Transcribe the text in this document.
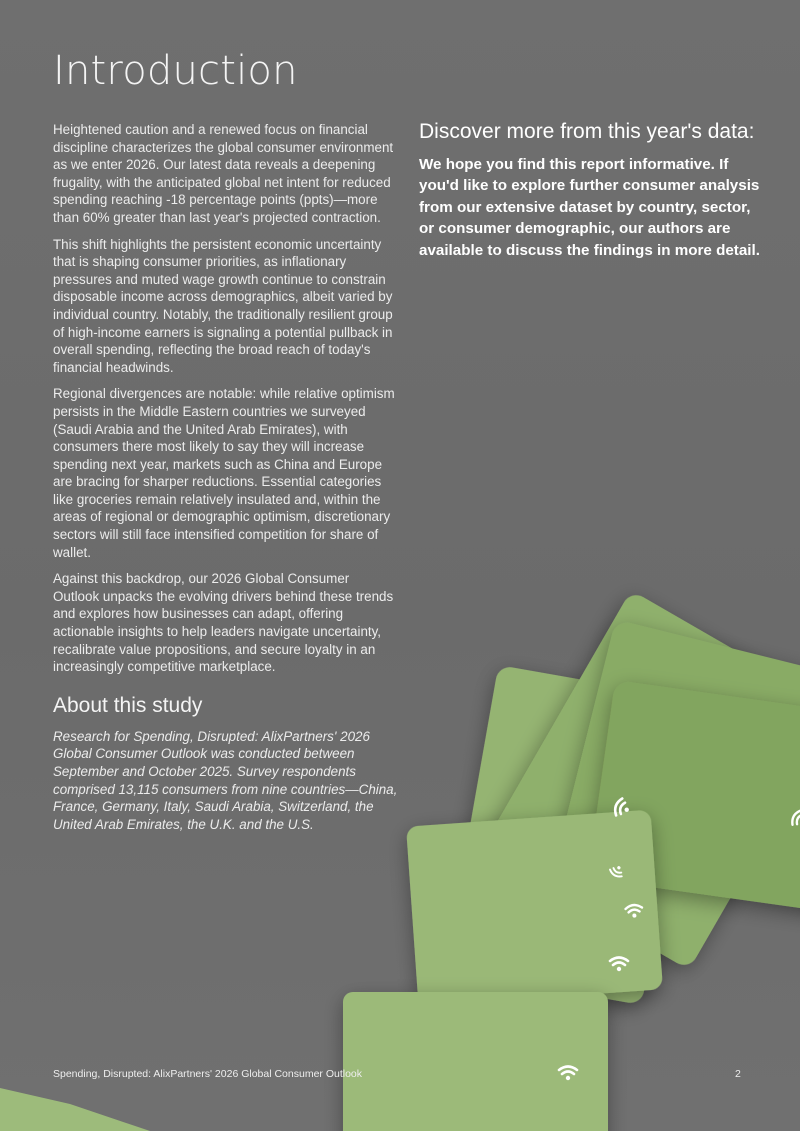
Introduction

Heightened caution and a renewed focus on financial discipline characterizes the global consumer environment as we enter 2026. Our latest data reveals a deepening frugality, with the anticipated global net intent for reduced spending reaching -18 percentage points (ppts)—more than 60% greater than last year's projected contraction.

This shift highlights the persistent economic uncertainty that is shaping consumer priorities, as inflationary pressures and muted wage growth continue to constrain disposable income across demographics, albeit varied by individual country. Notably, the traditionally resilient group of high-income earners is signaling a potential pullback in overall spending, reflecting the broad reach of today's financial headwinds.

Regional divergences are notable: while relative optimism persists in the Middle Eastern countries we surveyed (Saudi Arabia and the United Arab Emirates), with consumers there most likely to say they will increase spending next year, markets such as China and Europe are bracing for sharper reductions. Essential categories like groceries remain relatively insulated and, within the areas of regional or demographic optimism, discretionary sectors will still face intensified competition for share of wallet.

Against this backdrop, our 2026 Global Consumer Outlook unpacks the evolving drivers behind these trends and explores how businesses can adapt, offering actionable insights to help leaders navigate uncertainty, recalibrate value propositions, and secure loyalty in an increasingly competitive marketplace.

About this study

Research for Spending, Disrupted: AlixPartners' 2026 Global Consumer Outlook was conducted between September and October 2025. Survey respondents comprised 13,115 consumers from nine countries—China, France, Germany, Italy, Saudi Arabia, Switzerland, the United Arab Emirates, the U.K. and the U.S.

Discover more from this year's data:

We hope you find this report informative. If you'd like to explore further consumer analysis from our extensive dataset by country, sector, or consumer demographic, our authors are available to discuss the findings in more detail.

Spending, Disrupted: AlixPartners' 2026 Global Consumer Outlook	2
